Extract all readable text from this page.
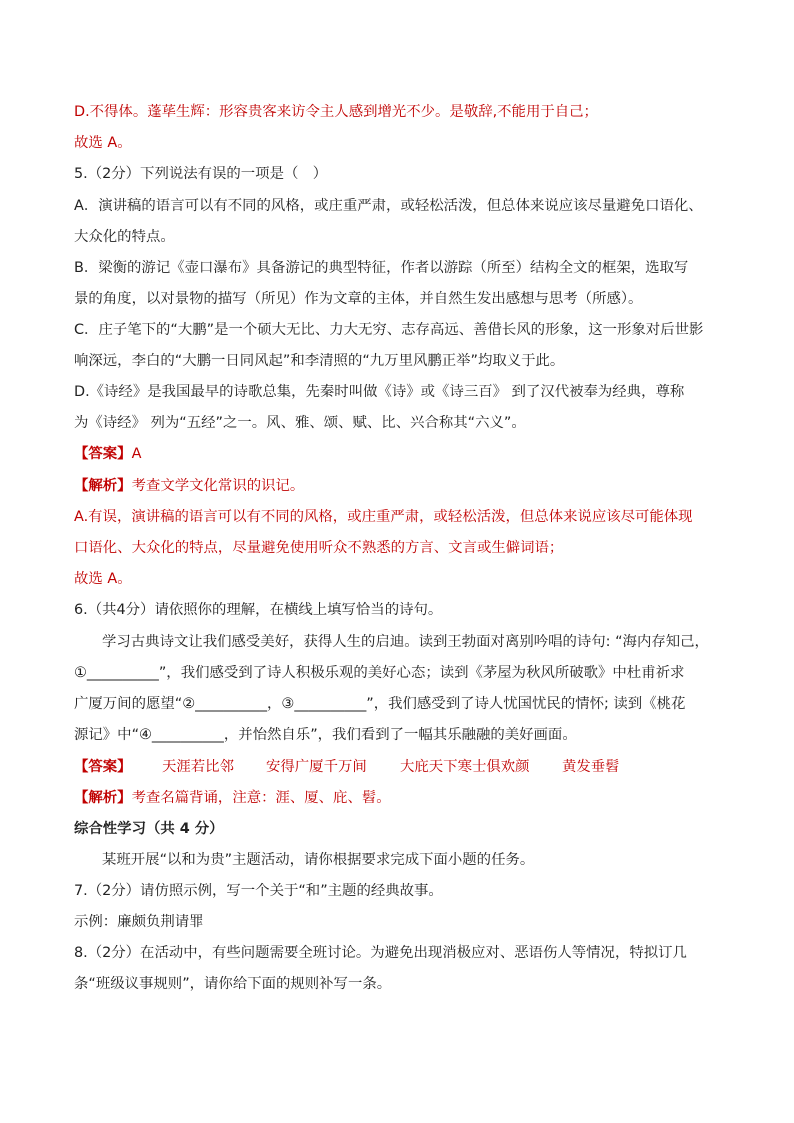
D.不得体。蓬荜生辉：形容贵客来访令主人感到增光不少。是敬辞,不能用于自己；
故选 A。
5.（2分）下列说法有误的一项是（　）
A．演讲稿的语言可以有不同的风格，或庄重严肃，或轻松活泼，但总体来说应该尽量避免口语化、
大众化的特点。
B．梁衡的游记《壶口瀑布》具备游记的典型特征，作者以游踪（所至）结构全文的框架，选取写
景的角度，以对景物的描写（所见）作为文章的主体，并自然生发出感想与思考（所感）。
C．庄子笔下的“大鹏”是一个硕大无比、力大无穷、志存高远、善借长风的形象，这一形象对后世影
响深远，李白的“大鹏一日同风起”和李清照的“九万里风鹏正举”均取义于此。
D.《诗经》是我国最早的诗歌总集，先秦时叫做《诗》或《诗三百》 到了汉代被奉为经典，尊称
为《诗经》 列为“五经”之一。风、雅、颂、赋、比、兴合称其“六义”。
【答案】A
【解析】考查文学文化常识的识记。
A.有误，演讲稿的语言可以有不同的风格，或庄重严肃，或轻松活泼，但总体来说应该尽可能体现
口语化、大众化的特点，尽量避免使用听众不熟悉的方言、文言或生僻词语；
故选 A。
6.（共4分）请依照你的理解，在横线上填写恰当的诗句。
学习古典诗文让我们感受美好，获得人生的启迪。读到王勃面对离别吟唱的诗句: “海内存知己，
①__________”，我们感受到了诗人积极乐观的美好心态；读到《茅屋为秋风所破歌》中杜甫祈求
广厦万间的愿望“②__________，③__________”，我们感受到了诗人忧国忧民的情怀; 读到《桃花
源记》中“④__________，并怡然自乐”，我们看到了一幅其乐融融的美好画面。
【答案】 天涯若比邻 安得广厦千万间 大庇天下寒士俱欢颜 黄发垂髫
【解析】考查名篇背诵，注意：涯、厦、庇、髫。
综合性学习（共 4 分）
某班开展“以和为贵”主题活动，请你根据要求完成下面小题的任务。
7.（2分）请仿照示例，写一个关于“和”主题的经典故事。
示例：廉颇负荆请罪
8.（2分）在活动中，有些问题需要全班讨论。为避免出现消极应对、恶语伤人等情况，特拟订几
条“班级议事规则”，请你给下面的规则补写一条。
